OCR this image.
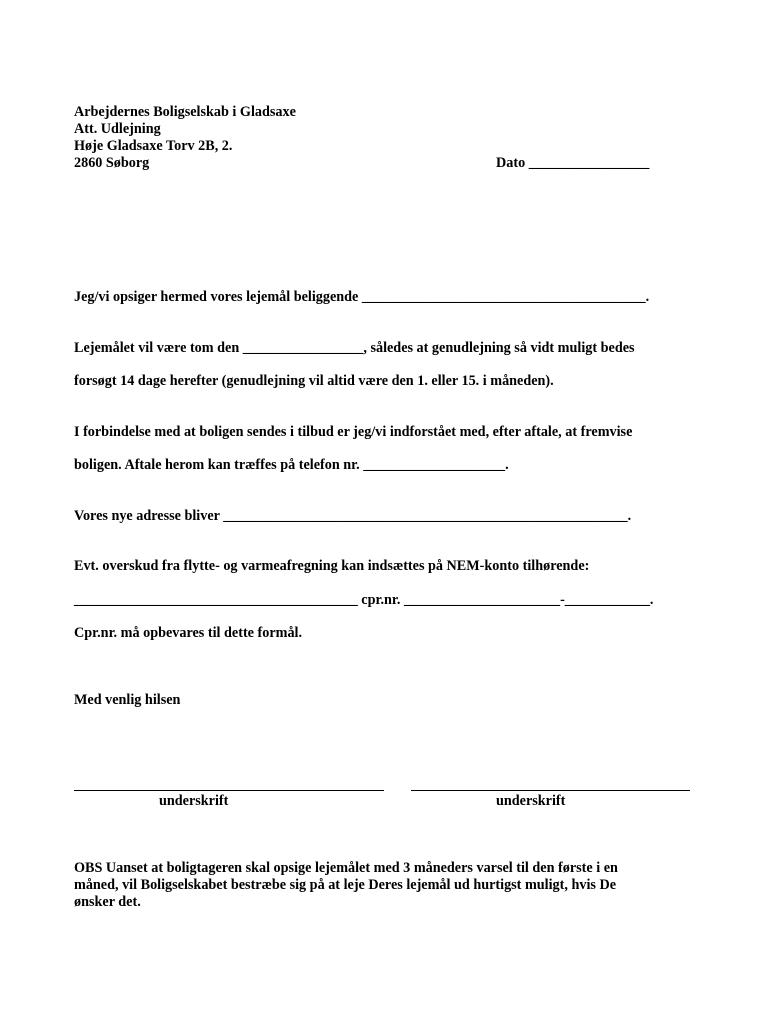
Arbejdernes Boligselskab i Gladsaxe
Att. Udlejning
Høje Gladsaxe Torv 2B, 2.
2860 Søborg	Dato _________________
Jeg/vi opsiger hermed vores lejemål beliggende ________________________________________.
Lejemålet vil være tom den _________________, således at genudlejning så vidt muligt bedes
forsøgt 14 dage herefter (genudlejning vil altid være den 1. eller 15. i måneden).
I forbindelse med at boligen sendes i tilbud er jeg/vi indforstået med, efter aftale, at fremvise
boligen. Aftale herom kan træffes på telefon nr. ____________________.
Vores nye adresse bliver _________________________________________________________.
Evt. overskud fra flytte- og varmeafregning kan indsættes på NEM-konto tilhørende:
________________________________________ cpr.nr. ______________________-____________.
Cpr.nr. må opbevares til dette formål.
Med venlig hilsen
underskrift	underskrift
OBS Uanset at boligtageren skal opsige lejemålet med 3 måneders varsel til den første i en
måned, vil Boligselskabet bestræbe sig på at leje Deres lejemål ud hurtigst muligt, hvis De
ønsker det.
